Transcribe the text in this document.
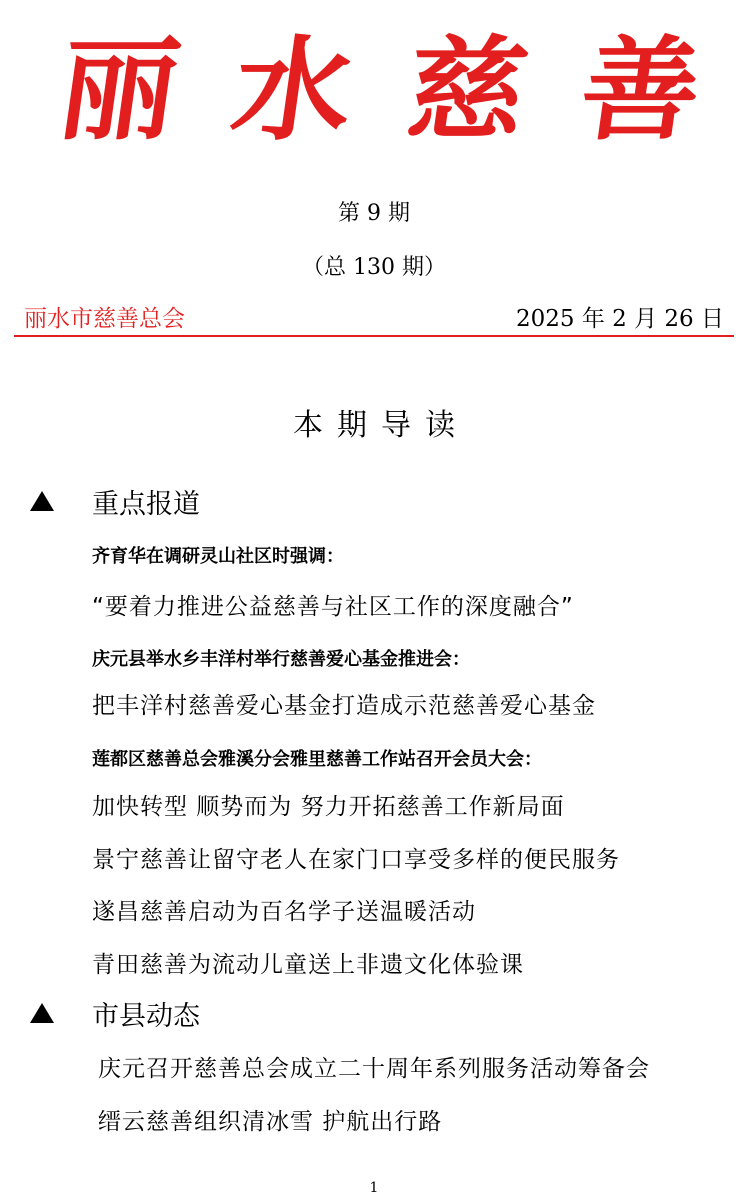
丽 水 慈 善
第 9 期
（总 130 期）
丽水市慈善总会	2025 年 2 月 26 日
本期导读
重点报道
齐育华在调研灵山社区时强调：
“要着力推进公益慈善与社区工作的深度融合”
庆元县举水乡丰洋村举行慈善爱心基金推进会：
把丰洋村慈善爱心基金打造成示范慈善爱心基金
莲都区慈善总会雅溪分会雅里慈善工作站召开会员大会：
加快转型 顺势而为 努力开拓慈善工作新局面
景宁慈善让留守老人在家门口享受多样的便民服务
遂昌慈善启动为百名学子送温暖活动
青田慈善为流动儿童送上非遗文化体验课
市县动态
庆元召开慈善总会成立二十周年系列服务活动筹备会
缙云慈善组织清冰雪 护航出行路
1
